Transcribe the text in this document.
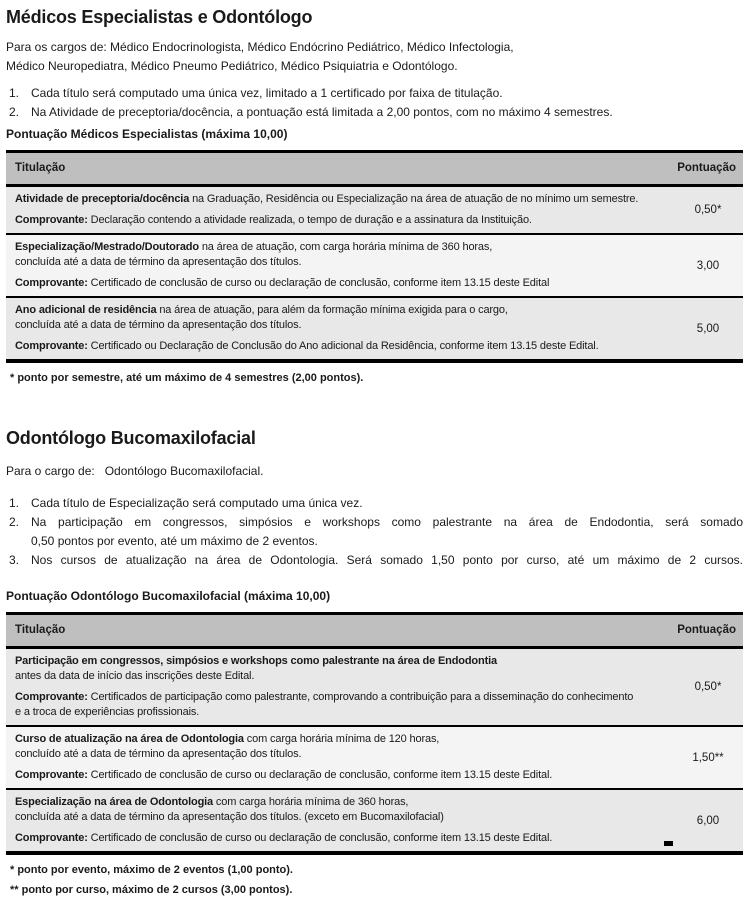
Médicos Especialistas e Odontólogo
Para os cargos de: Médico Endocrinologista, Médico Endócrino Pediátrico, Médico Infectologia,
Médico Neuropediatra, Médico Pneumo Pediátrico, Médico Psiquiatria e Odontólogo.
1. Cada título será computado uma única vez, limitado a 1 certificado por faixa de titulação.
2. Na Atividade de preceptoria/docência, a pontuação está limitada a 2,00 pontos, com no máximo 4 semestres.
Pontuação Médicos Especialistas (máxima 10,00)
Titulação	Pontuação
Atividade de preceptoria/docência na Graduação, Residência ou Especialização na área de atuação de no mínimo um semestre.
Comprovante: Declaração contendo a atividade realizada, o tempo de duração e a assinatura da Instituição.
0,50*
Especialização/Mestrado/Doutorado na área de atuação, com carga horária mínima de 360 horas,
concluída até a data de término da apresentação dos títulos.
Comprovante: Certificado de conclusão de curso ou declaração de conclusão, conforme item 13.15 deste Edital
3,00
Ano adicional de residência na área de atuação, para além da formação mínima exigida para o cargo,
concluída até a data de término da apresentação dos títulos.
Comprovante: Certificado ou Declaração de Conclusão do Ano adicional da Residência, conforme item 13.15 deste Edital.
5,00
* ponto por semestre, até um máximo de 4 semestres (2,00 pontos).
Odontólogo Bucomaxilofacial
Para o cargo de:   Odontólogo Bucomaxilofacial.
1. Cada título de Especialização será computado uma única vez.
2. Na participação em congressos, simpósios e workshops como palestrante na área de Endodontia, será somado
0,50 pontos por evento, até um máximo de 2 eventos.
3. Nos cursos de atualização na área de Odontologia. Será somado 1,50 ponto por curso, até um máximo de 2 cursos.
Pontuação Odontólogo Bucomaxilofacial (máxima 10,00)
Titulação	Pontuação
Participação em congressos, simpósios e workshops como palestrante na área de Endodontia
antes da data de início das inscrições deste Edital.
Comprovante: Certificados de participação como palestrante, comprovando a contribuição para a disseminação do conhecimento
e a troca de experiências profissionais.
0,50*
Curso de atualização na área de Odontologia com carga horária mínima de 120 horas,
concluído até a data de término da apresentação dos títulos.
Comprovante: Certificado de conclusão de curso ou declaração de conclusão, conforme item 13.15 deste Edital.
1,50**
Especialização na área de Odontologia com carga horária mínima de 360 horas,
concluída até a data de término da apresentação dos títulos. (exceto em Bucomaxilofacial)
Comprovante: Certificado de conclusão de curso ou declaração de conclusão, conforme item 13.15 deste Edital.
6,00
* ponto por evento, máximo de 2 eventos (1,00 ponto).
** ponto por curso, máximo de 2 cursos (3,00 pontos).
